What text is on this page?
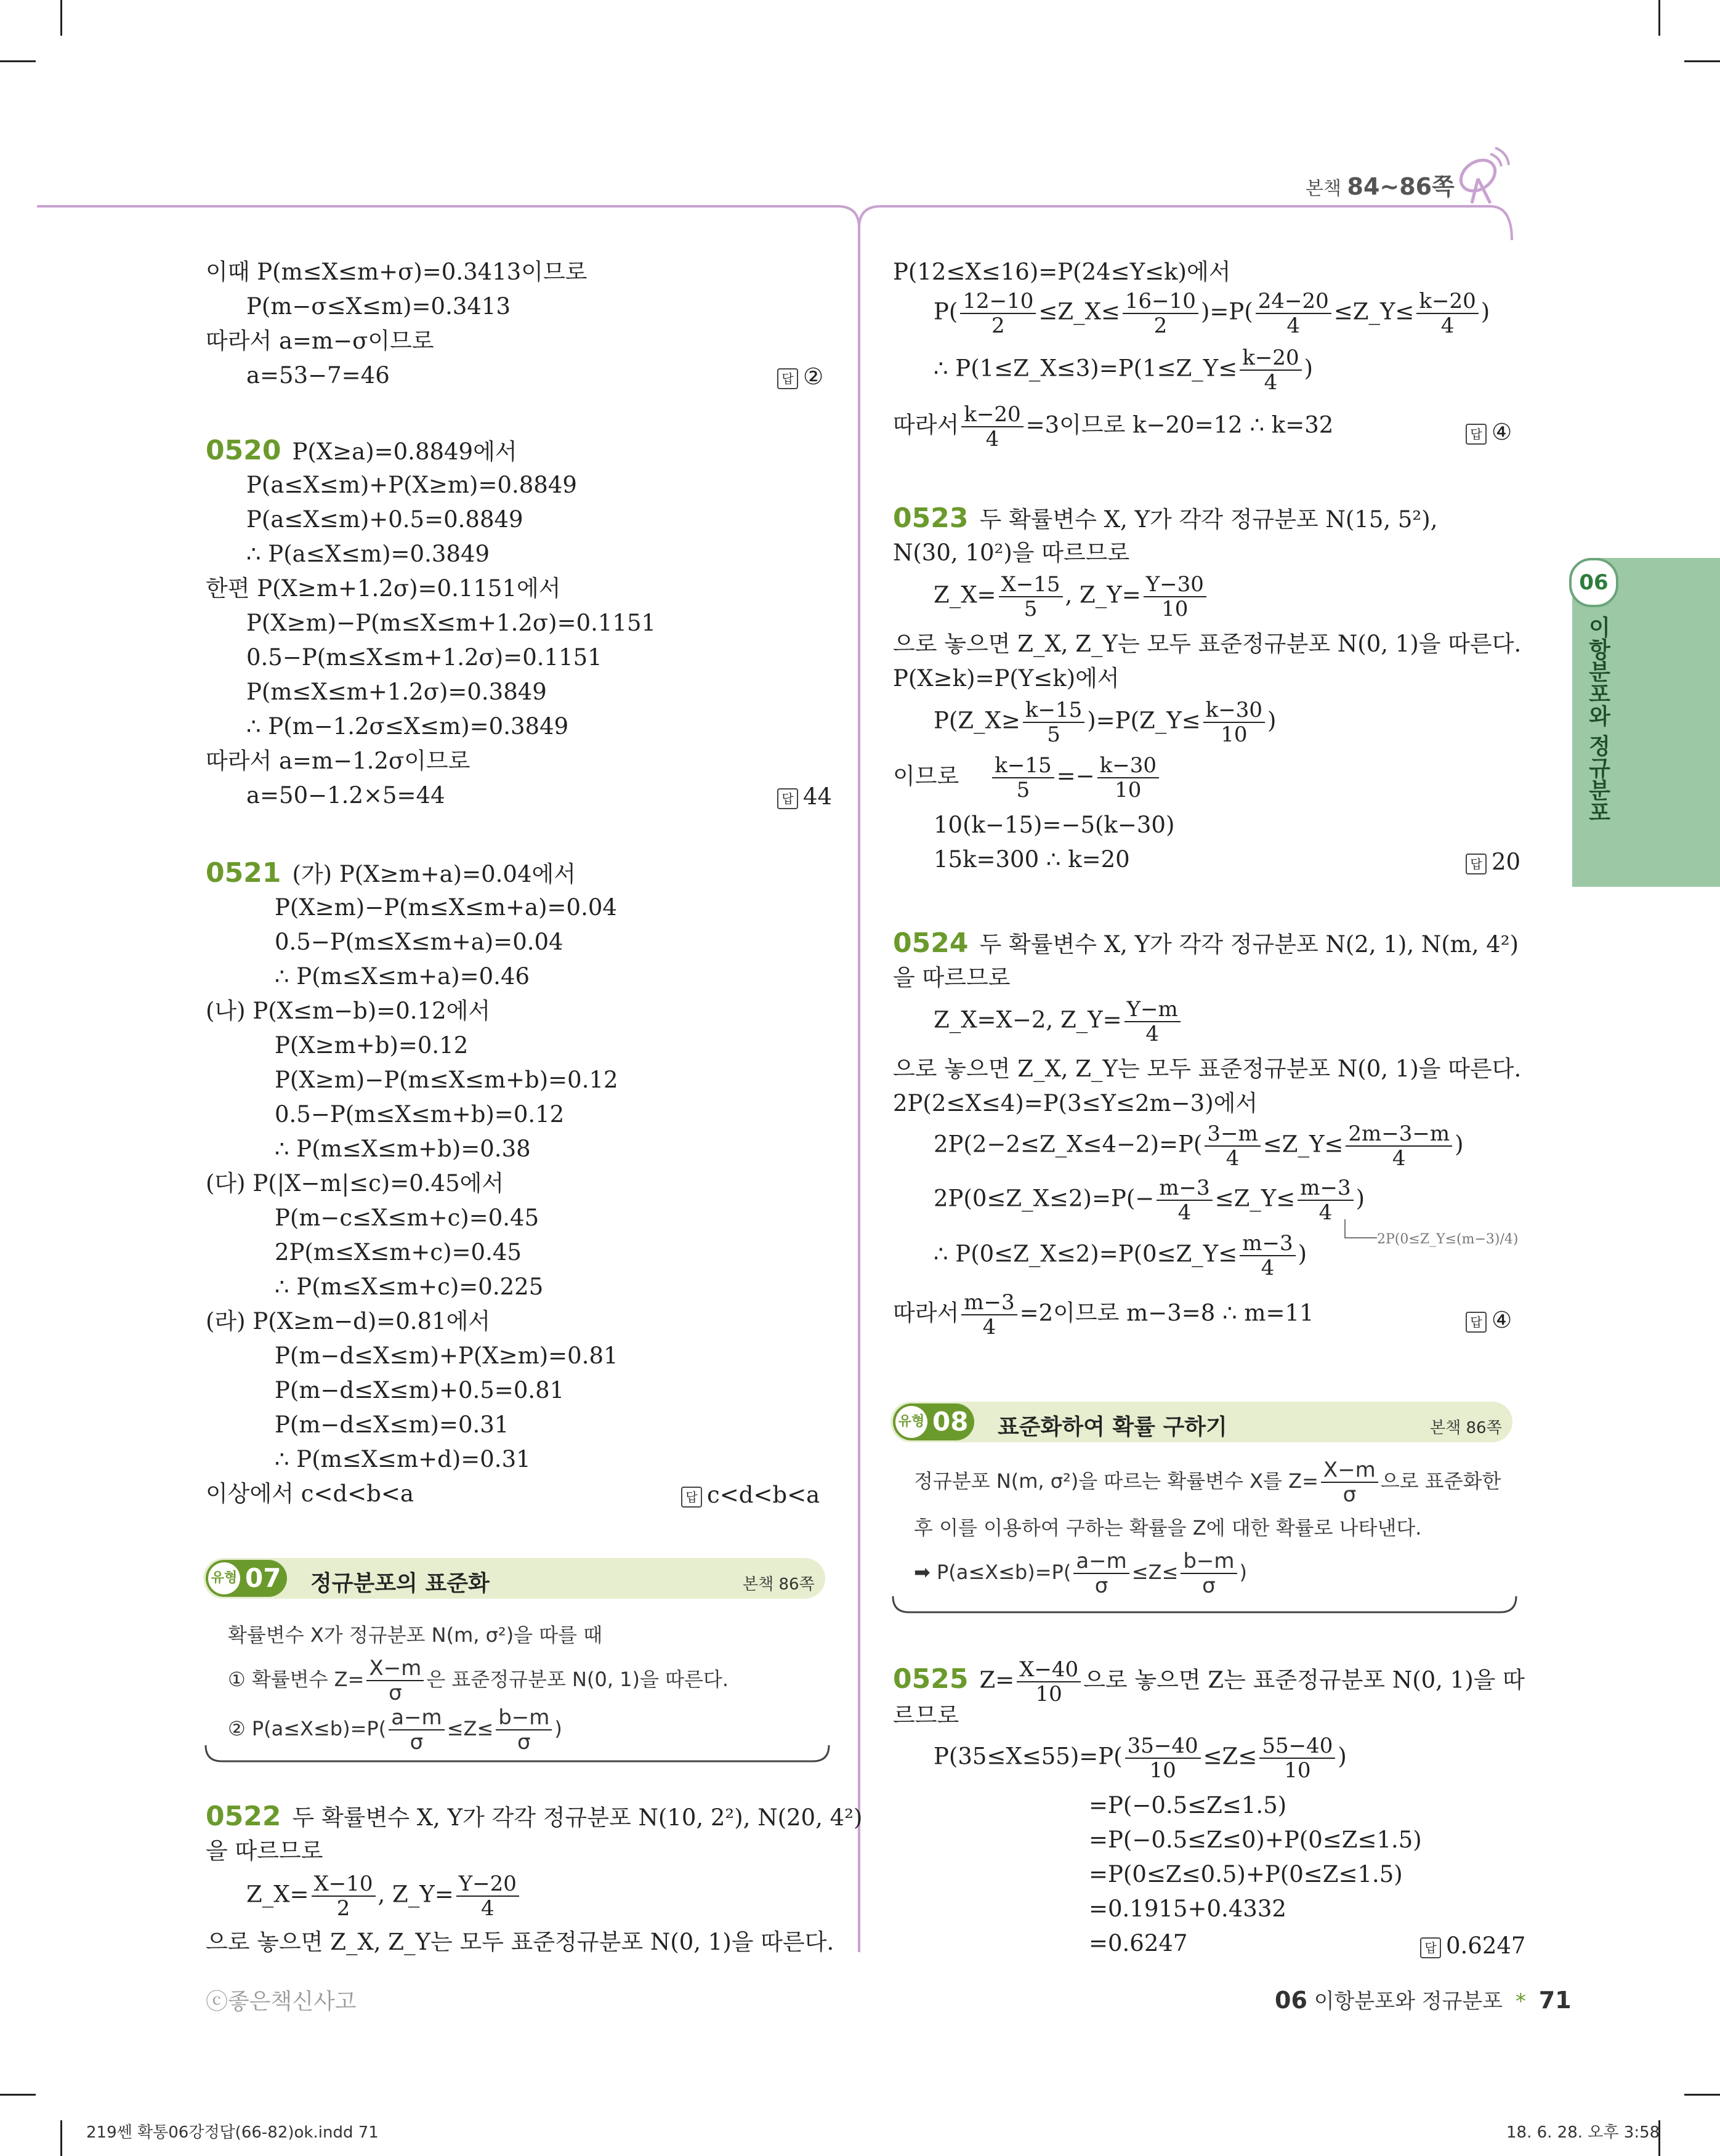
본책 84~86쪽
06
이항분포와 정규분포
이때 P(m≤X≤m+σ)=0.3413이므로
P(m−σ≤X≤m)=0.3413
따라서 a=m−σ이므로
a=53−7=46	답 ②
0520 P(X≥a)=0.8849에서
P(a≤X≤m)+P(X≥m)=0.8849
P(a≤X≤m)+0.5=0.8849
∴ P(a≤X≤m)=0.3849
한편 P(X≥m+1.2σ)=0.1151에서
P(X≥m)−P(m≤X≤m+1.2σ)=0.1151
0.5−P(m≤X≤m+1.2σ)=0.1151
P(m≤X≤m+1.2σ)=0.3849
∴ P(m−1.2σ≤X≤m)=0.3849
따라서 a=m−1.2σ이므로
a=50−1.2×5=44	답 44
0521 (가) P(X≥m+a)=0.04에서
P(X≥m)−P(m≤X≤m+a)=0.04
0.5−P(m≤X≤m+a)=0.04
∴ P(m≤X≤m+a)=0.46
(나) P(X≤m−b)=0.12에서
P(X≥m+b)=0.12
P(X≥m)−P(m≤X≤m+b)=0.12
0.5−P(m≤X≤m+b)=0.12
∴ P(m≤X≤m+b)=0.38
(다) P(|X−m|≤c)=0.45에서
P(m−c≤X≤m+c)=0.45
2P(m≤X≤m+c)=0.45
∴ P(m≤X≤m+c)=0.225
(라) P(X≥m−d)=0.81에서
P(m−d≤X≤m)+P(X≥m)=0.81
P(m−d≤X≤m)+0.5=0.81
P(m−d≤X≤m)=0.31
∴ P(m≤X≤m+d)=0.31
이상에서 c<d<b<a	답 c<d<b<a
유형 07 정규분포의 표준화	본책 86쪽
확률변수 X가 정규분포 N(m, σ²)을 따를 때
① 확률변수 $Z= \frac{X-m}{\sigma}$ 은 표준정규분포 N(0, 1)을 따른다.
② $P(a\le X\le b)=P( \frac{a-m}{\sigma} \le Z\le \frac{b-m}{\sigma}$ )
0522 두 확률변수 X, Y가 각각 정규분포 N(10, 2²), N(20, 4²)
을 따르므로
Z_X= $\frac{X-10}{2}$ , Z_Y= $\frac{Y-20}{4}$
으로 놓으면 Z_X, Z_Y는 모두 표준정규분포 N(0, 1)을 따른다.
P(12≤X≤16)=P(24≤Y≤k)에서
$P( \frac{12-10}{2}$ ≤Z_X≤ $\frac{16-10}{2} )=P( \frac{24-20}{4}$ ≤Z_Y≤ $\frac{k-20}{4}$ )
∴ P(1≤Z_X≤3)=P(1≤Z_Y≤ $\frac{k-20}{4}$ )
따라서 $\frac{k-20}{4} =3$이므로 k−20=12 ∴ k=32	답 ④
0523 두 확률변수 X, Y가 각각 정규분포 N(15, 5²),
N(30, 10²)을 따르므로
Z_X= $\frac{X-15}{5}$ , Z_Y= $\frac{Y-30}{10}$
으로 놓으면 Z_X, Z_Y는 모두 표준정규분포 N(0, 1)을 따른다.
P(X≥k)=P(Y≤k)에서
P(Z_X≥ $\frac{k-15}{5}$ )=P(Z_Y≤ $\frac{k-30}{10}$ )
이므로 $\frac{k-15}{5} =- \frac{k-30}{10}$
10(k−15)=−5(k−30)
15k=300 ∴ k=20	답 20
0524 두 확률변수 X, Y가 각각 정규분포 N(2, 1), N(m, 4²)
을 따르므로
Z_X=X−2, Z_Y= $\frac{Y-m}{4}$
으로 놓으면 Z_X, Z_Y는 모두 표준정규분포 N(0, 1)을 따른다.
2P(2≤X≤4)=P(3≤Y≤2m−3)에서
2P(2−2≤Z_X≤4−2)=P( $\frac{3-m}{4}$ ≤Z_Y≤ $\frac{2m-3-m}{4}$ )
2P(0≤Z_X≤2)=P(− $\frac{m-3}{4}$ ≤Z_Y≤ $\frac{m-3}{4}$ )
2P(0≤Z_Y≤(m−3)/4)
∴ P(0≤Z_X≤2)=P(0≤Z_Y≤ $\frac{m-3}{4}$ )
따라서 $\frac{m-3}{4} =2$이므로 m−3=8 ∴ m=11	답 ④
유형 08 표준화하여 확률 구하기	본책 86쪽
정규분포 N(m, σ²)을 따르는 확률변수 X를 $Z= \frac{X-m}{\sigma}$ 으로 표준화한
후 이를 이용하여 구하는 확률을 Z에 대한 확률로 나타낸다.
➡ $P(a\le X\le b)=P( \frac{a-m}{\sigma} \le Z\le \frac{b-m}{\sigma}$ )
0525 $Z= \frac{X-40}{10}$ 으로 놓으면 Z는 표준정규분포 N(0, 1)을 따
르므로
$P(35\le X\le 55)=P( \frac{35-40}{10} \le Z\le \frac{55-40}{10}$ )
=P(−0.5≤Z≤1.5)
=P(−0.5≤Z≤0)+P(0≤Z≤1.5)
=P(0≤Z≤0.5)+P(0≤Z≤1.5)
=0.1915+0.4332
=0.6247	답 0.6247
ⓒ좋은책신사고	06 이항분포와 정규분포 * 71
219쎈 확통06강정답(66-82)ok.indd 71	18. 6. 28. 오후 3:58
